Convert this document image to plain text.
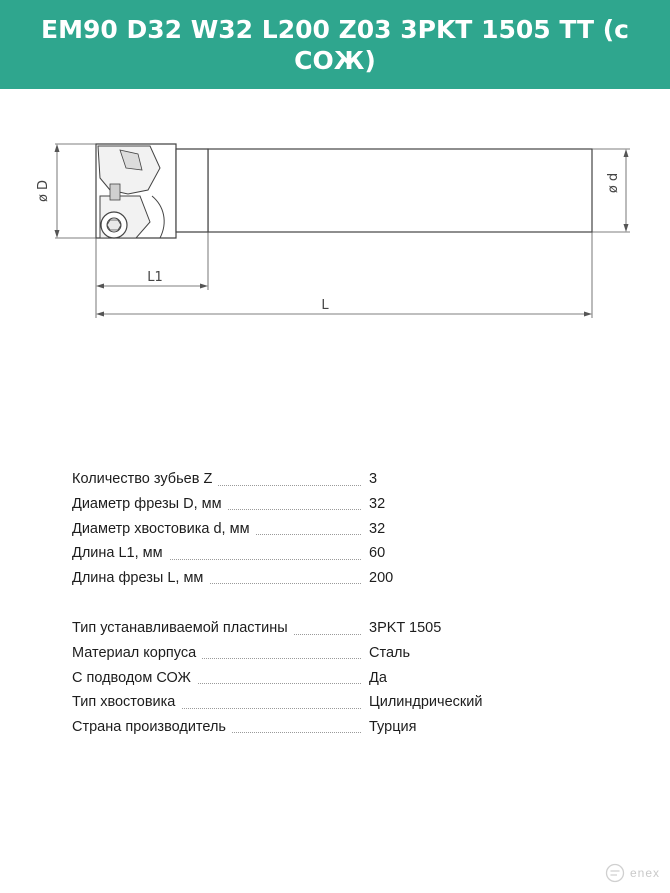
EM90 D32 W32 L200 Z03 3PKT 1505 TT (с СОЖ)
ø D	ø d
L1
L
Количество зубьев Z	3
Диаметр фрезы D, мм	32
Диаметр хвостовика d, мм	32
Длина L1, мм	60
Длина фрезы L, мм	200
Тип устанавливаемой пластины	3PKT 1505
Материал корпуса	Сталь
С подводом СОЖ	Да
Тип хвостовика	Цилиндрический
Страна производитель	Турция
enex
